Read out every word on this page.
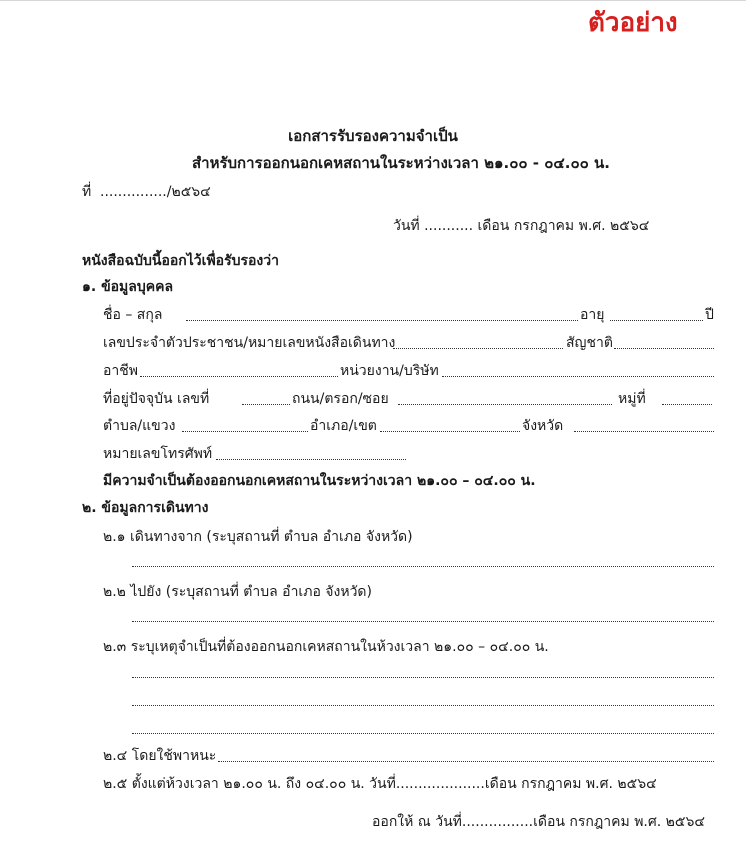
ตัวอย่าง
เอกสารรับรองความจำเป็น
สำหรับการออกนอกเคหสถานในระหว่างเวลา ๒๑.๐๐ - ๐๔.๐๐ น.
ที่ .............../๒๕๖๔
วันที่ ........... เดือน กรกฎาคม พ.ศ. ๒๕๖๔
หนังสือฉบับนี้ออกไว้เพื่อรับรองว่า
๑. ข้อมูลบุคคล
ชื่อ – สกุล	อายุ	ปี
เลขประจำตัวประชาชน/หมายเลขหนังสือเดินทาง	สัญชาติ
อาชีพ	หน่วยงาน/บริษัท
ที่อยู่ปัจจุบัน เลขที่	ถนน/ตรอก/ซอย	หมู่ที่
ตำบล/แขวง	อำเภอ/เขต	จังหวัด
หมายเลขโทรศัพท์
มีความจำเป็นต้องออกนอกเคหสถานในระหว่างเวลา ๒๑.๐๐ – ๐๔.๐๐ น.
๒. ข้อมูลการเดินทาง
๒.๑ เดินทางจาก (ระบุสถานที่ ตำบล อำเภอ จังหวัด)
๒.๒ ไปยัง (ระบุสถานที่ ตำบล อำเภอ จังหวัด)
๒.๓ ระบุเหตุจำเป็นที่ต้องออกนอกเคหสถานในห้วงเวลา ๒๑.๐๐ – ๐๔.๐๐ น.
๒.๔ โดยใช้พาหนะ
๒.๕ ตั้งแต่ห้วงเวลา ๒๑.๐๐ น. ถึง ๐๔.๐๐ น. วันที่....................เดือน กรกฎาคม พ.ศ. ๒๕๖๔
ออกให้ ณ วันที่................เดือน กรกฎาคม พ.ศ. ๒๕๖๔
